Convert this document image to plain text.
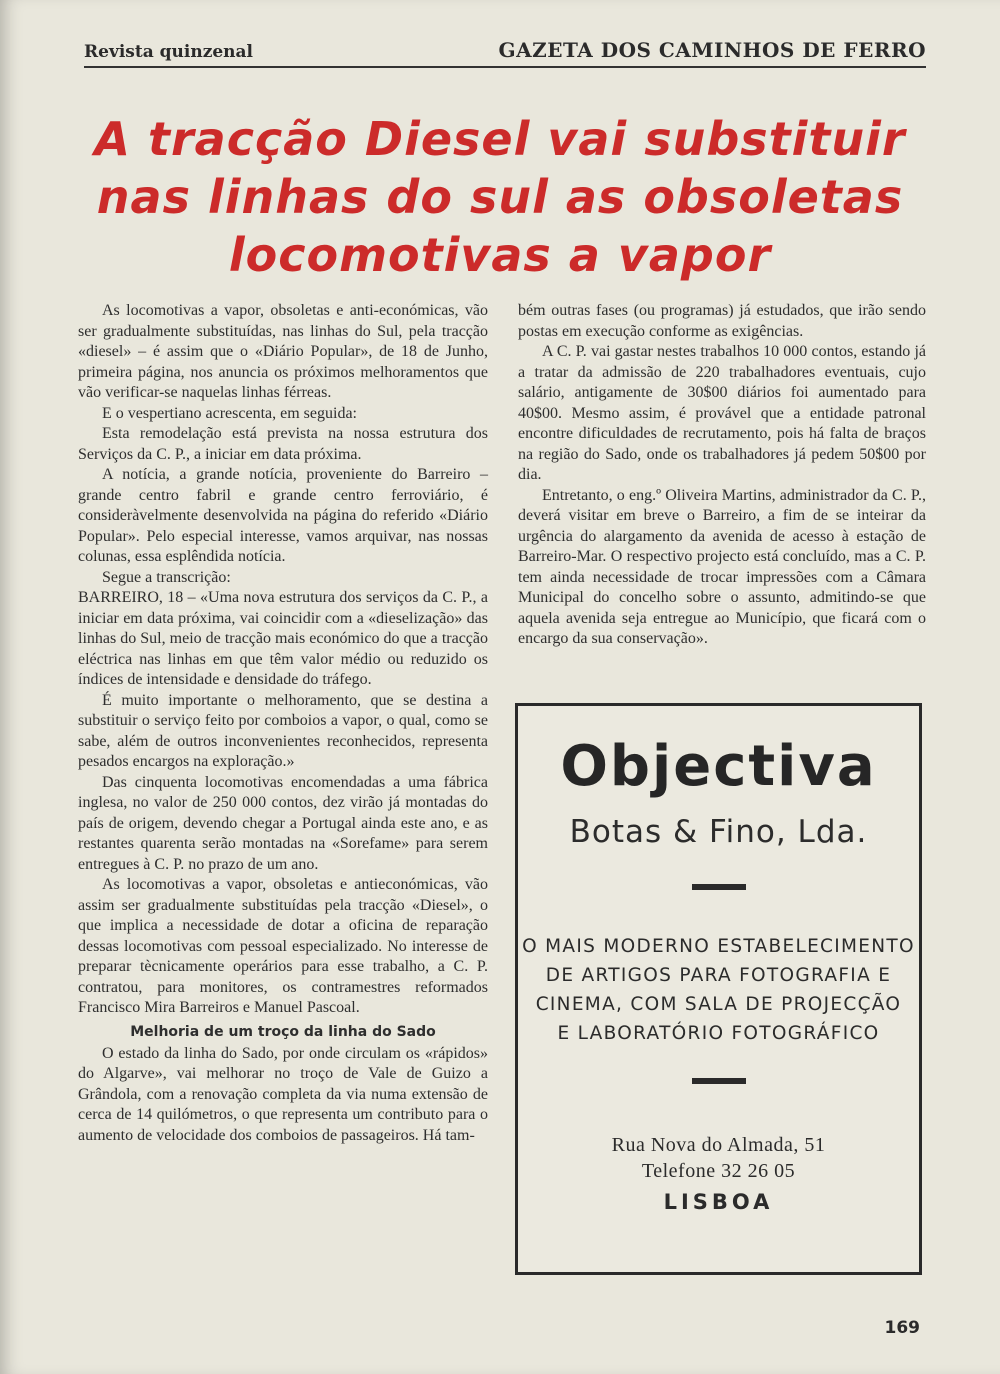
Revista quinzenal	GAZETA DOS CAMINHOS DE FERRO
A tracção Diesel vai substituir
nas linhas do sul as obsoletas
locomotivas a vapor

As locomotivas a vapor, obsoletas e anti-económicas, vão ser gradualmente substituídas, nas linhas do Sul, pela tracção «diesel» – é assim que o «Diário Popular», de 18 de Junho, primeira página, nos anuncia os próximos melhoramentos que vão verificar-se naquelas linhas férreas.

E o vespertiano acrescenta, em seguida:

Esta remodelação está prevista na nossa estrutura dos Serviços da C. P., a iniciar em data próxima.

A notícia, a grande notícia, proveniente do Barreiro – grande centro fabril e grande centro ferroviário, é consideràvelmente desenvolvida na página do referido «Diário Popular». Pelo especial interesse, vamos arquivar, nas nossas colunas, essa esplêndida notícia.

Segue a transcrição:

BARREIRO, 18 – «Uma nova estrutura dos serviços da C. P., a iniciar em data próxima, vai coincidir com a «dieselização» das linhas do Sul, meio de tracção mais económico do que a tracção eléctrica nas linhas em que têm valor médio ou reduzido os índices de intensidade e densidade do tráfego.

É muito importante o melhoramento, que se destina a substituir o serviço feito por comboios a vapor, o qual, como se sabe, além de outros inconvenientes reconhecidos, representa pesados encargos na exploração.»

Das cinquenta locomotivas encomendadas a uma fábrica inglesa, no valor de 250 000 contos, dez virão já montadas do país de origem, devendo chegar a Portugal ainda este ano, e as restantes quarenta serão montadas na «Sorefame» para serem entregues à C. P. no prazo de um ano.

As locomotivas a vapor, obsoletas e antieconómicas, vão assim ser gradualmente substituídas pela tracção «Diesel», o que implica a necessidade de dotar a oficina de reparação dessas locomotivas com pessoal especializado. No interesse de preparar tècnicamente operários para esse trabalho, a C. P. contratou, para monitores, os contramestres reformados Francisco Mira Barreiros e Manuel Pascoal.

Melhoria de um troço da linha do Sado

O estado da linha do Sado, por onde circulam os «rápidos» do Algarve», vai melhorar no troço de Vale de Guizo a Grândola, com a renovação completa da via numa extensão de cerca de 14 quilómetros, o que representa um contributo para o aumento de velocidade dos comboios de passageiros. Há tam-

bém outras fases (ou programas) já estudados, que irão sendo postas em execução conforme as exigências.

A C. P. vai gastar nestes trabalhos 10 000 contos, estando já a tratar da admissão de 220 trabalhadores eventuais, cujo salário, antigamente de 30$00 diários foi aumentado para 40$00. Mesmo assim, é provável que a entidade patronal encontre dificuldades de recrutamento, pois há falta de braços na região do Sado, onde os trabalhadores já pedem 50$00 por dia.

Entretanto, o eng.º Oliveira Martins, administrador da C. P., deverá visitar em breve o Barreiro, a fim de se inteirar da urgência do alargamento da avenida de acesso à estação de Barreiro-Mar. O respectivo projecto está concluído, mas a C. P. tem ainda necessidade de trocar impressões com a Câmara Municipal do concelho sobre o assunto, admitindo-se que aquela avenida seja entregue ao Município, que ficará com o encargo da sua conservação».

Objectiva
Botas & Fino, Lda.
O MAIS MODERNO ESTABELECIMENTO
DE ARTIGOS PARA FOTOGRAFIA E
CINEMA, COM SALA DE PROJECÇÃO
E LABORATÓRIO FOTOGRÁFICO
Rua Nova do Almada, 51
Telefone 32 26 05
LISBOA
169
